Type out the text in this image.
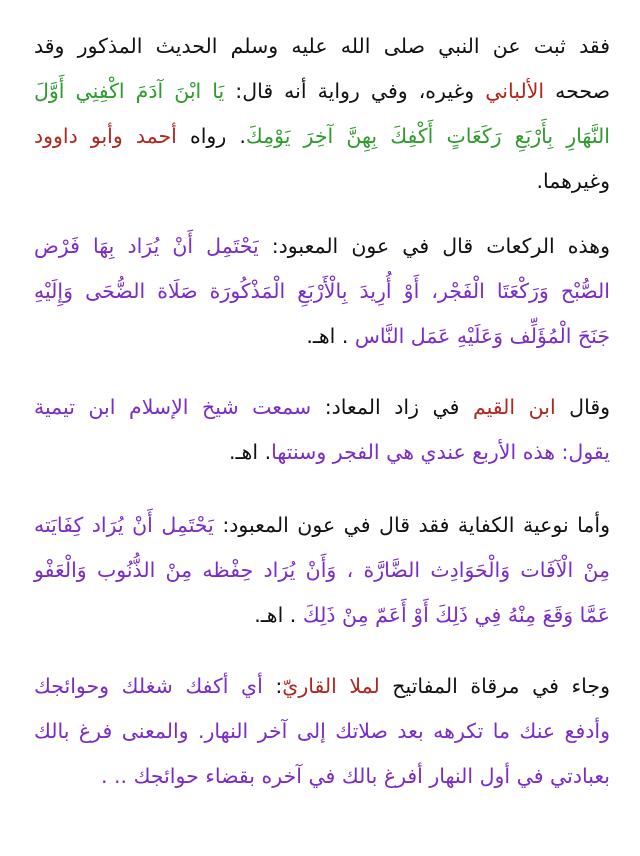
فقد ثبت عن النبي صلى الله عليه وسلم الحديث المذكور وقد
صححه الألباني وغيره، وفي رواية أنه قال: يَا ابْنَ آدَمَ اكْفِنِي أَوَّلَ
النَّهَارِ بِأَرْبَعِ رَكَعَاتٍ أَكْفِكَ بِهِنَّ آخِرَ يَوْمِكَ. رواه أحمد وأبو داوود
وغيرهما.

وهذه الركعات قال في عون المعبود: يَحْتَمِل أَنْ يُرَاد بِهَا فَرْض
الصُّبْح وَرَكْعَتَا الْفَجْر، أَوْ أُرِيدَ بِالْأَرْبَعِ الْمَذْكُورَة صَلَاة الضُّحَى وَإِلَيْهِ
جَنَحَ الْمُؤَلِّف وَعَلَيْهِ عَمَل النَّاس . اهـ.

وقال ابن القيم في زاد المعاد: سمعت شيخ الإسلام ابن تيمية
يقول: هذه الأربع عندي هي الفجر وسنتها. اهـ.

وأما نوعية الكفاية فقد قال في عون المعبود: يَحْتَمِل أَنْ يُرَاد كِفَايَته
مِنْ الْآفَات وَالْحَوَادِث الضَّارَّة ، وَأَنْ يُرَاد حِفْظه مِنْ الذُّنُوب وَالْعَفْو
عَمَّا وَقَعَ مِنْهُ فِي ذَلِكَ أَوْ أَعَمّ مِنْ ذَلِكَ . اهـ.

وجاء في مرقاة المفاتيح لملا القاريّ: أي أكفك شغلك وحوائجك
وأدفع عنك ما تكرهه بعد صلاتك إلى آخر النهار. والمعنى فرغ بالك
بعبادتي في أول النهار أفرغ بالك في آخره بقضاء حوائجك .. .
